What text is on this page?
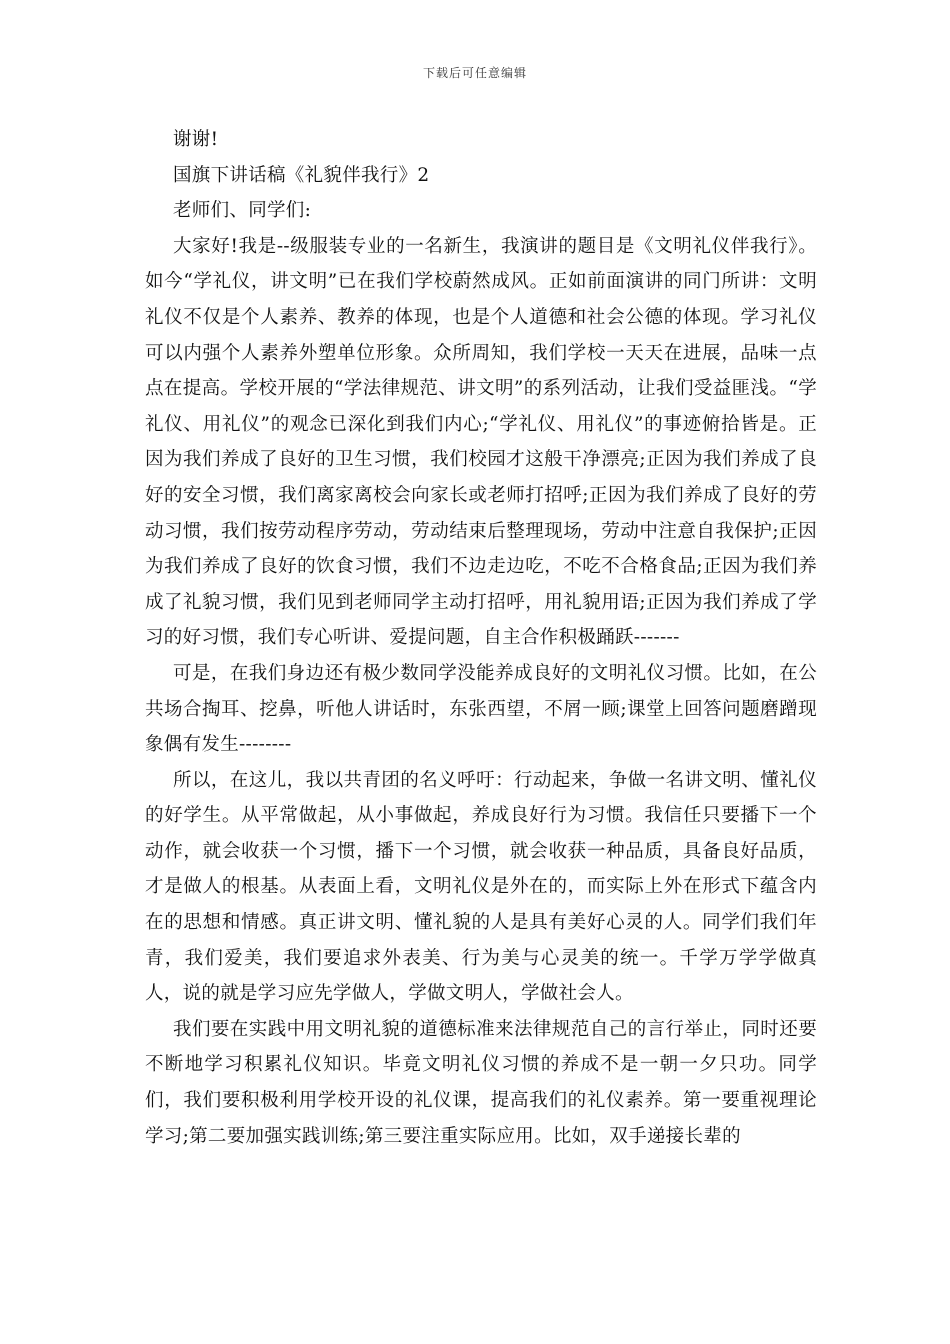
下载后可任意编辑

谢谢!

国旗下讲话稿《礼貌伴我行》2

老师们、同学们:

大家好!我是--级服装专业的一名新生，我演讲的题目是《文明礼仪伴我行》。如今“学礼仪，讲文明”已在我们学校蔚然成风。正如前面演讲的同门所讲：文明礼仪不仅是个人素养、教养的体现，也是个人道德和社会公德的体现。学习礼仪可以内强个人素养外塑单位形象。众所周知，我们学校一天天在进展，品味一点点在提高。学校开展的“学法律规范、讲文明”的系列活动，让我们受益匪浅。“学礼仪、用礼仪”的观念已深化到我们内心;“学礼仪、用礼仪”的事迹俯拾皆是。正因为我们养成了良好的卫生习惯，我们校园才这般干净漂亮;正因为我们养成了良好的安全习惯，我们离家离校会向家长或老师打招呼;正因为我们养成了良好的劳动习惯，我们按劳动程序劳动，劳动结束后整理现场，劳动中注意自我保护;正因为我们养成了良好的饮食习惯，我们不边走边吃，不吃不合格食品;正因为我们养成了礼貌习惯，我们见到老师同学主动打招呼，用礼貌用语;正因为我们养成了学习的好习惯，我们专心听讲、爱提问题，自主合作积极踊跃-------

可是，在我们身边还有极少数同学没能养成良好的文明礼仪习惯。比如，在公共场合掏耳、挖鼻，听他人讲话时，东张西望，不屑一顾;课堂上回答问题磨蹭现象偶有发生--------

所以，在这儿，我以共青团的名义呼吁：行动起来，争做一名讲文明、懂礼仪的好学生。从平常做起，从小事做起，养成良好行为习惯。我信任只要播下一个动作，就会收获一个习惯，播下一个习惯，就会收获一种品质，具备良好品质，才是做人的根基。从表面上看，文明礼仪是外在的，而实际上外在形式下蕴含内在的思想和情感。真正讲文明、懂礼貌的人是具有美好心灵的人。同学们我们年青，我们爱美，我们要追求外表美、行为美与心灵美的统一。千学万学学做真人，说的就是学习应先学做人，学做文明人，学做社会人。

我们要在实践中用文明礼貌的道德标准来法律规范自己的言行举止，同时还要不断地学习积累礼仪知识。毕竟文明礼仪习惯的养成不是一朝一夕只功。同学们，我们要积极利用学校开设的礼仪课，提高我们的礼仪素养。第一要重视理论学习;第二要加强实践训练;第三要注重实际应用。比如，双手递接长辈的
